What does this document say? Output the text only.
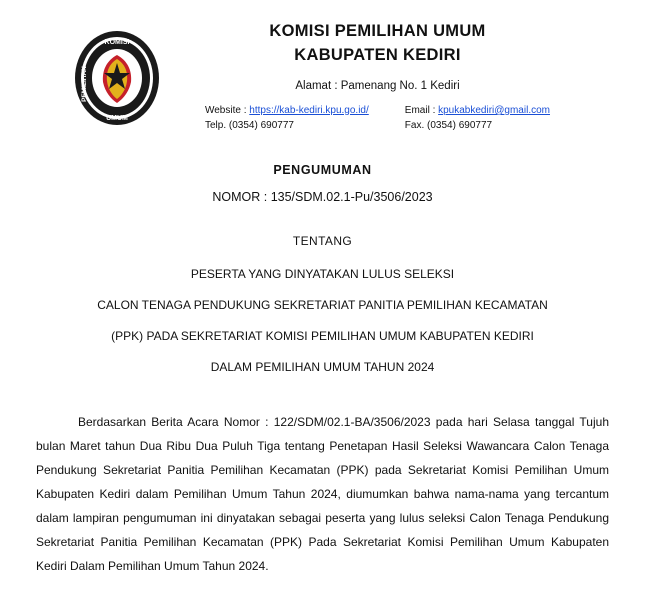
KOMISI
UMUM
PEMILIHAN
KOMISI PEMILIHAN UMUM
KABUPATEN KEDIRI
Alamat : Pamenang No. 1 Kediri
Website : https://kab-kediri.kpu.go.id/
Telp. (0354) 690777
Email : kpukabkediri@gmail.com
Fax. (0354) 690777
PENGUMUMAN
NOMOR : 135/SDM.02.1-Pu/3506/2023
TENTANG
PESERTA YANG DINYATAKAN LULUS SELEKSI
CALON TENAGA PENDUKUNG SEKRETARIAT PANITIA PEMILIHAN KECAMATAN
(PPK) PADA SEKRETARIAT KOMISI PEMILIHAN UMUM KABUPATEN KEDIRI
DALAM PEMILIHAN UMUM TAHUN 2024

Berdasarkan Berita Acara Nomor : 122/SDM/02.1-BA/3506/2023 pada hari Selasa tanggal Tujuh bulan Maret tahun Dua Ribu Dua Puluh Tiga tentang Penetapan Hasil Seleksi Wawancara Calon Tenaga Pendukung Sekretariat Panitia Pemilihan Kecamatan (PPK) pada Sekretariat Komisi Pemilihan Umum Kabupaten Kediri dalam Pemilihan Umum Tahun 2024, diumumkan bahwa nama-nama yang tercantum dalam lampiran pengumuman ini dinyatakan sebagai peserta yang lulus seleksi Calon Tenaga Pendukung Sekretariat Panitia Pemilihan Kecamatan (PPK) Pada Sekretariat Komisi Pemilihan Umum Kabupaten Kediri Dalam Pemilihan Umum Tahun 2024.
